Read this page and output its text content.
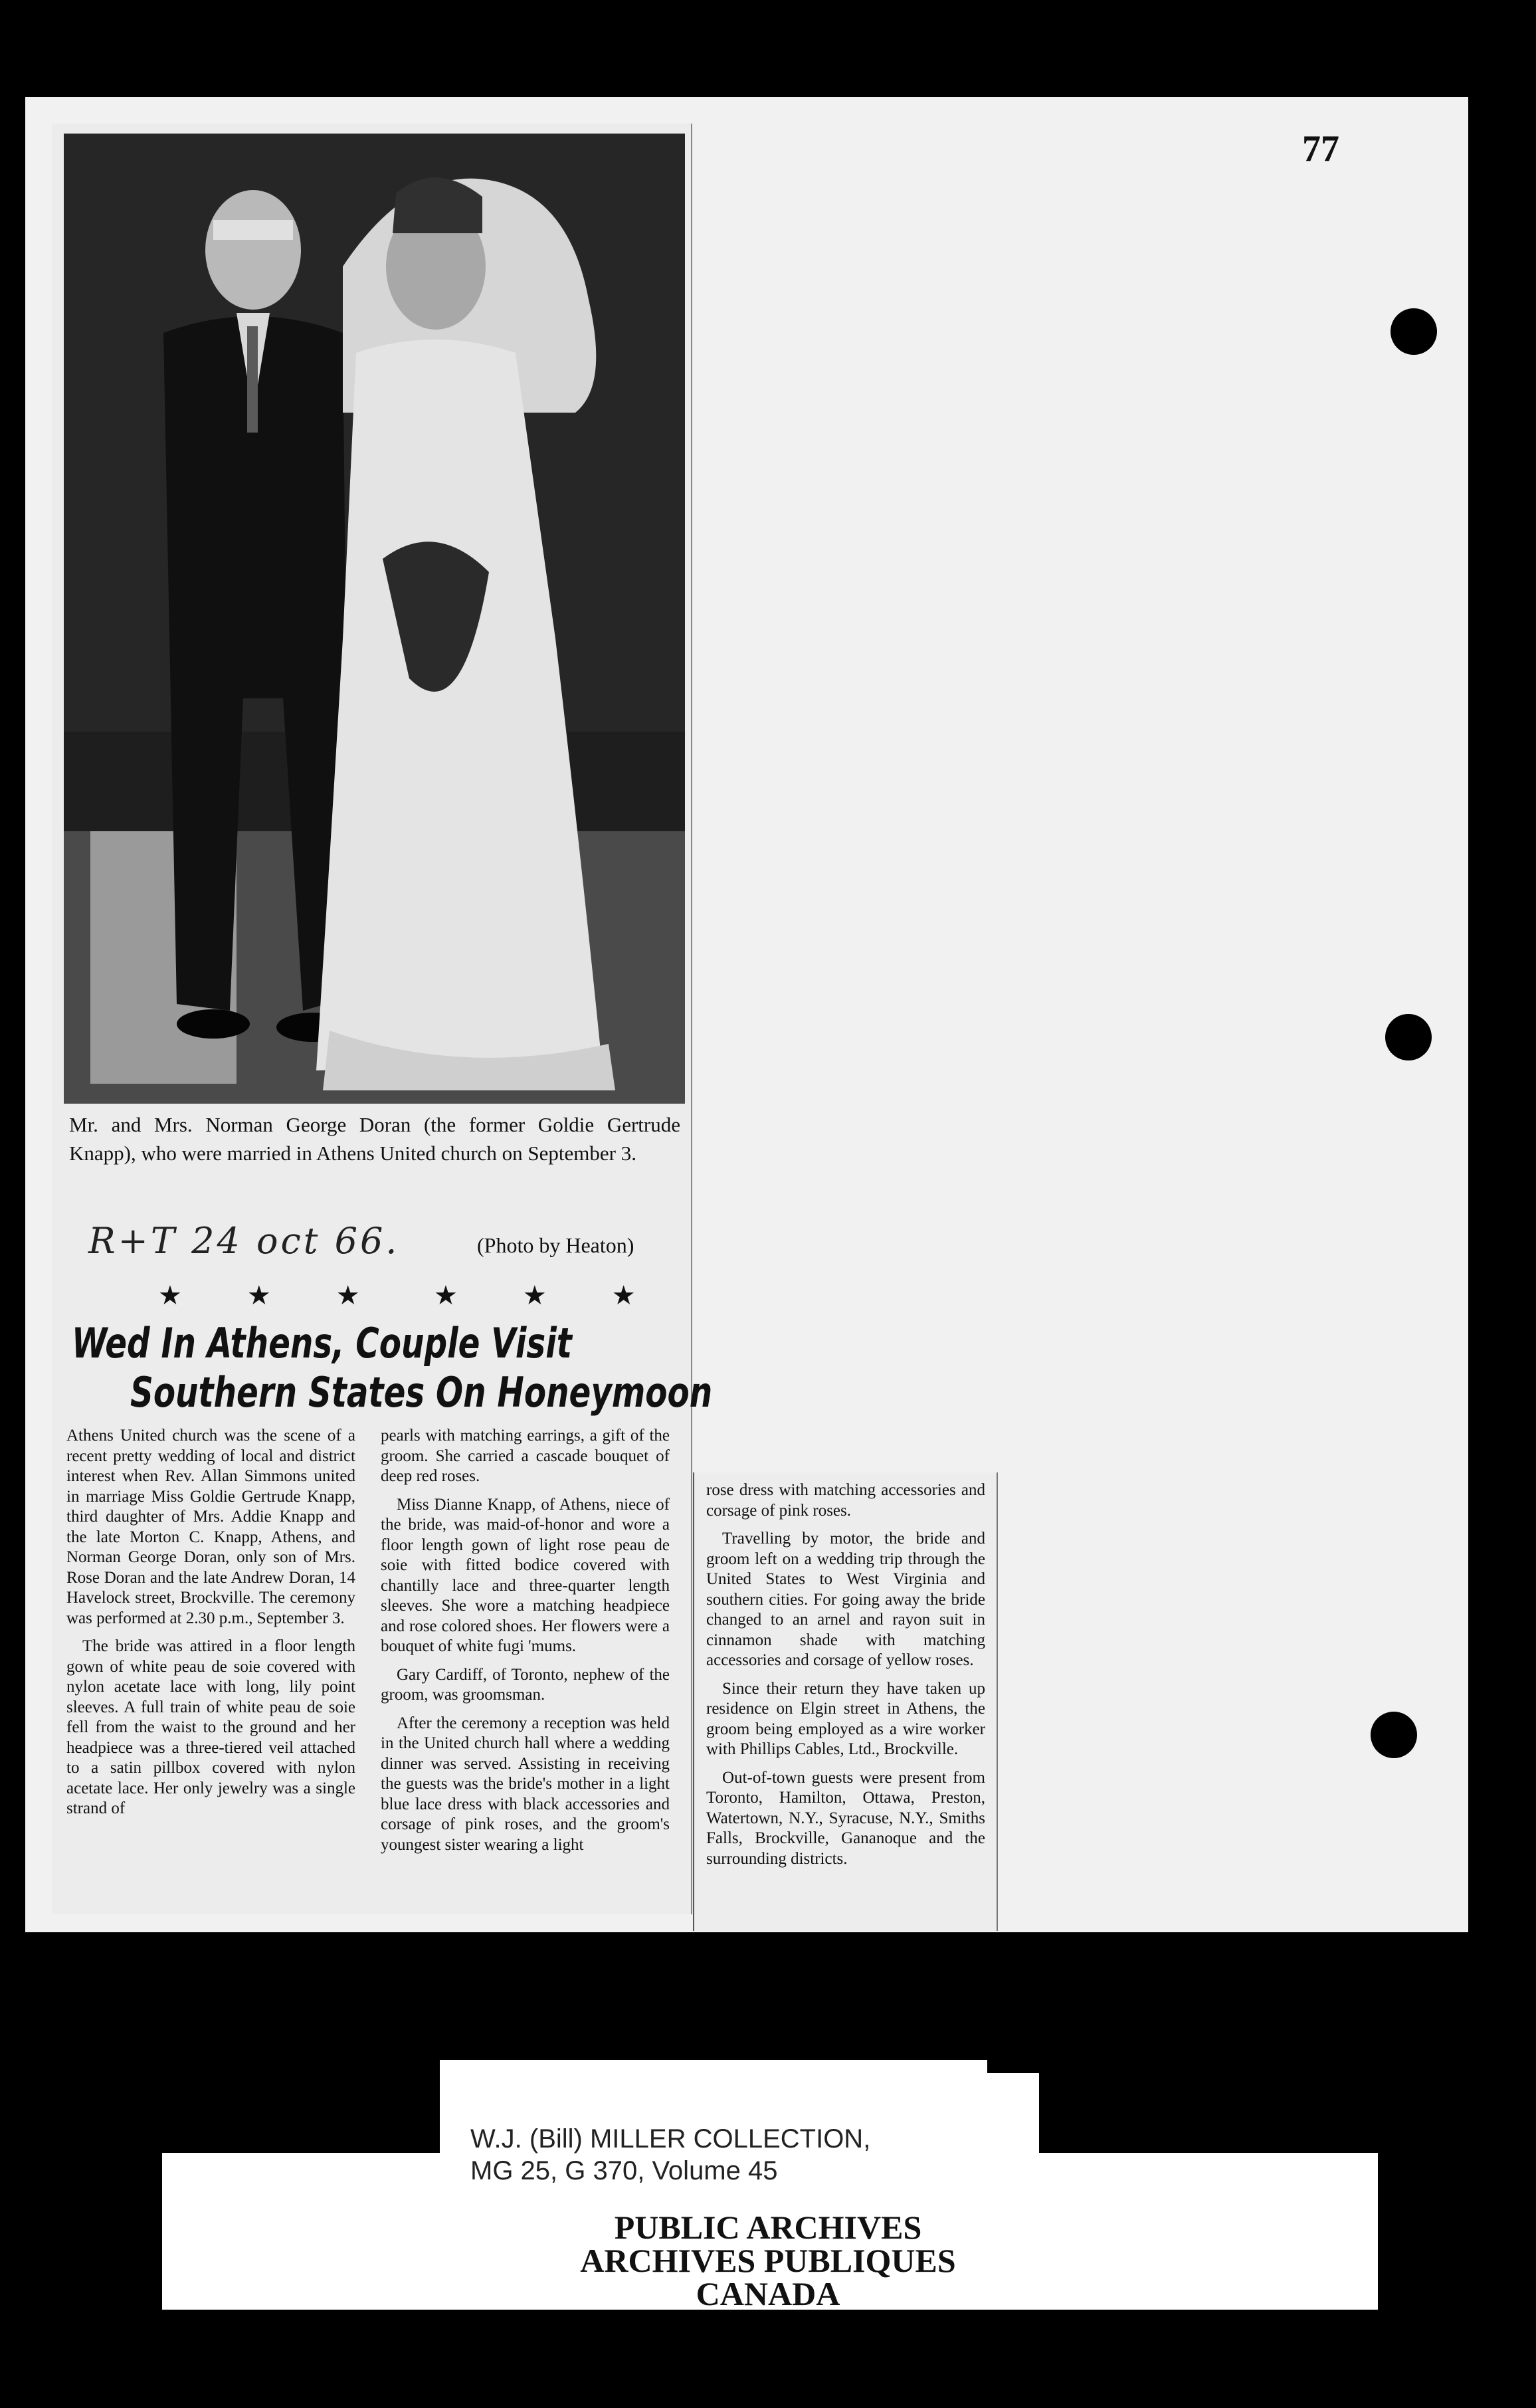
77
Mr. and Mrs. Norman George Doran (the former Goldie Gertrude Knapp), who were married in Athens United church on September 3.
R+T 24 oct 66.	(Photo by Heaton)
★ ★ ★ ★ ★ ★
Wed In Athens, Couple Visit
Southern States On Honeymoon

Athens United church was the scene of a recent pretty wedding of local and district interest when Rev. Allan Simmons united in marriage Miss Goldie Gertrude Knapp, third daughter of Mrs. Addie Knapp and the late Morton C. Knapp, Athens, and Norman George Doran, only son of Mrs. Rose Doran and the late Andrew Doran, 14 Havelock street, Brockville. The ceremony was performed at 2.30 p.m., September 3.

The bride was attired in a floor length gown of white peau de soie covered with nylon acetate lace with long, lily point sleeves. A full train of white peau de soie fell from the waist to the ground and her headpiece was a three-tiered veil attached to a satin pillbox covered with nylon acetate lace. Her only jewelry was a single strand of

pearls with matching earrings, a gift of the groom. She carried a cascade bouquet of deep red roses.

Miss Dianne Knapp, of Athens, niece of the bride, was maid-of-honor and wore a floor length gown of light rose peau de soie with fitted bodice covered with chantilly lace and three-quarter length sleeves. She wore a matching headpiece and rose colored shoes. Her flowers were a bouquet of white fugi 'mums.

Gary Cardiff, of Toronto, nephew of the groom, was groomsman.

After the ceremony a reception was held in the United church hall where a wedding dinner was served. Assisting in receiving the guests was the bride's mother in a light blue lace dress with black accessories and corsage of pink roses, and the groom's youngest sister wearing a light

rose dress with matching accessories and corsage of pink roses.

Travelling by motor, the bride and groom left on a wedding trip through the United States to West Virginia and southern cities. For going away the bride changed to an arnel and rayon suit in cinnamon shade with matching accessories and corsage of yellow roses.

Since their return they have taken up residence on Elgin street in Athens, the groom being employed as a wire worker with Phillips Cables, Ltd., Brockville.

Out-of-town guests were present from Toronto, Hamilton, Ottawa, Preston, Watertown, N.Y., Syracuse, N.Y., Smiths Falls, Brockville, Gananoque and the surrounding districts.

W.J. (Bill) MILLER COLLECTION,
MG 25, G 370, Volume 45
PUBLIC ARCHIVES
ARCHIVES PUBLIQUES
CANADA
